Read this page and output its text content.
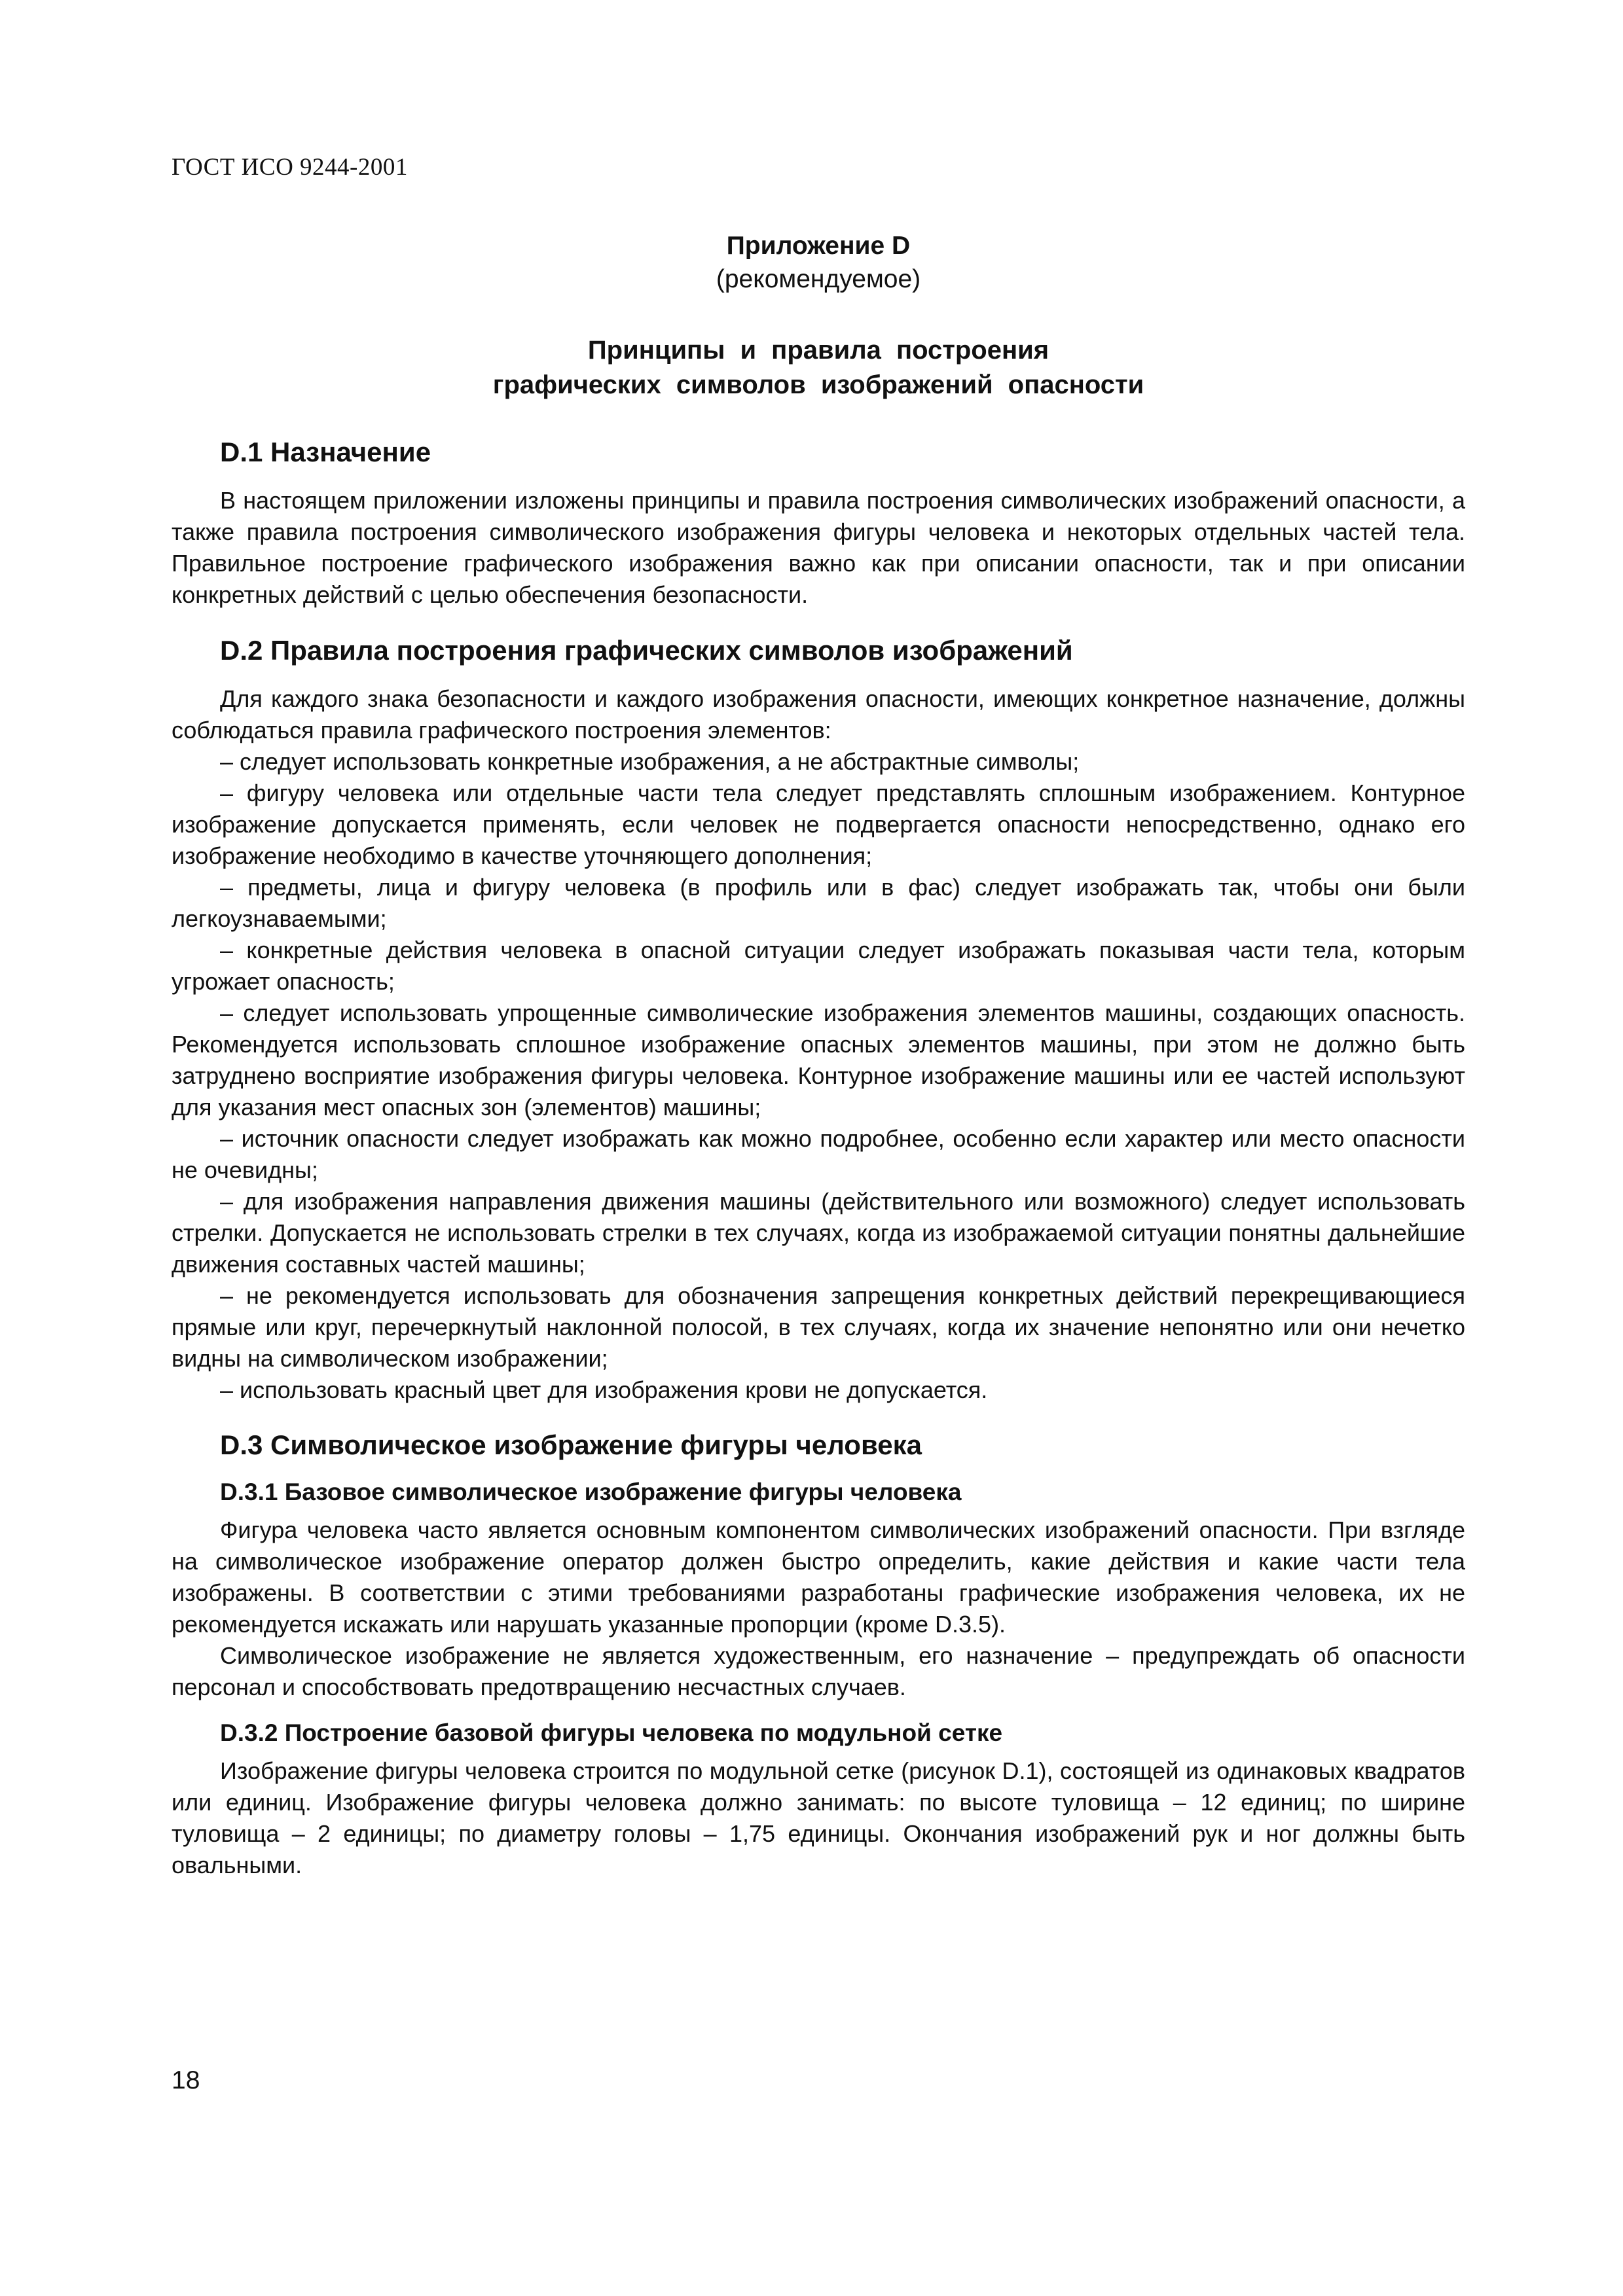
ГОСТ ИСО 9244-2001
Приложение D
(рекомендуемое)
Принципы и правила построения
графических символов изображений опасности
D.1 Назначение

В настоящем приложении изложены принципы и правила построения символических изображений опасности, а также правила построения символического изображения фигуры человека и некоторых отдельных частей тела. Правильное построение графического изображения важно как при описании опасности, так и при описании конкретных действий с целью обеспечения безопасности.

D.2 Правила построения графических символов изображений

Для каждого знака безопасности и каждого изображения опасности, имеющих конкретное назначение, должны соблюдаться правила графического построения элементов:

– следует использовать конкретные изображения, а не абстрактные символы;

– фигуру человека или отдельные части тела следует представлять сплошным изображением. Контурное изображение допускается применять, если человек не подвергается опасности непосредственно, однако его изображение необходимо в качестве уточняющего дополнения;

– предметы, лица и фигуру человека (в профиль или в фас) следует изображать так, чтобы они были легкоузнаваемыми;

– конкретные действия человека в опасной ситуации следует изображать показывая части тела, которым угрожает опасность;

– следует использовать упрощенные символические изображения элементов машины, создающих опасность. Рекомендуется использовать сплошное изображение опасных элементов машины, при этом не должно быть затруднено восприятие изображения фигуры человека. Контурное изображение машины или ее частей используют для указания мест опасных зон (элементов) машины;

– источник опасности следует изображать как можно подробнее, особенно если характер или место опасности не очевидны;

– для изображения направления движения машины (действительного или возможного) следует использовать стрелки. Допускается не использовать стрелки в тех случаях, когда из изображаемой ситуации понятны дальнейшие движения составных частей машины;

– не рекомендуется использовать для обозначения запрещения конкретных действий перекрещивающиеся прямые или круг, перечеркнутый наклонной полосой, в тех случаях, когда их значение непонятно или они нечетко видны на символическом изображении;

– использовать красный цвет для изображения крови не допускается.

D.3 Символическое изображение фигуры человека
D.3.1 Базовое символическое изображение фигуры человека

Фигура человека часто является основным компонентом символических изображений опасности. При взгляде на символическое изображение оператор должен быстро определить, какие действия и какие части тела изображены. В соответствии с этими требованиями разработаны графические изображения человека, их не рекомендуется искажать или нарушать указанные пропорции (кроме D.3.5).

Символическое изображение не является художественным, его назначение – предупреждать об опасности персонал и способствовать предотвращению несчастных случаев.

D.3.2 Построение базовой фигуры человека по модульной сетке

Изображение фигуры человека строится по модульной сетке (рисунок D.1), состоящей из одинаковых квадратов или единиц. Изображение фигуры человека должно занимать: по высоте туловища – 12 единиц; по ширине туловища – 2 единицы; по диаметру головы – 1,75 единицы. Окончания изображений рук и ног должны быть овальными.

18
